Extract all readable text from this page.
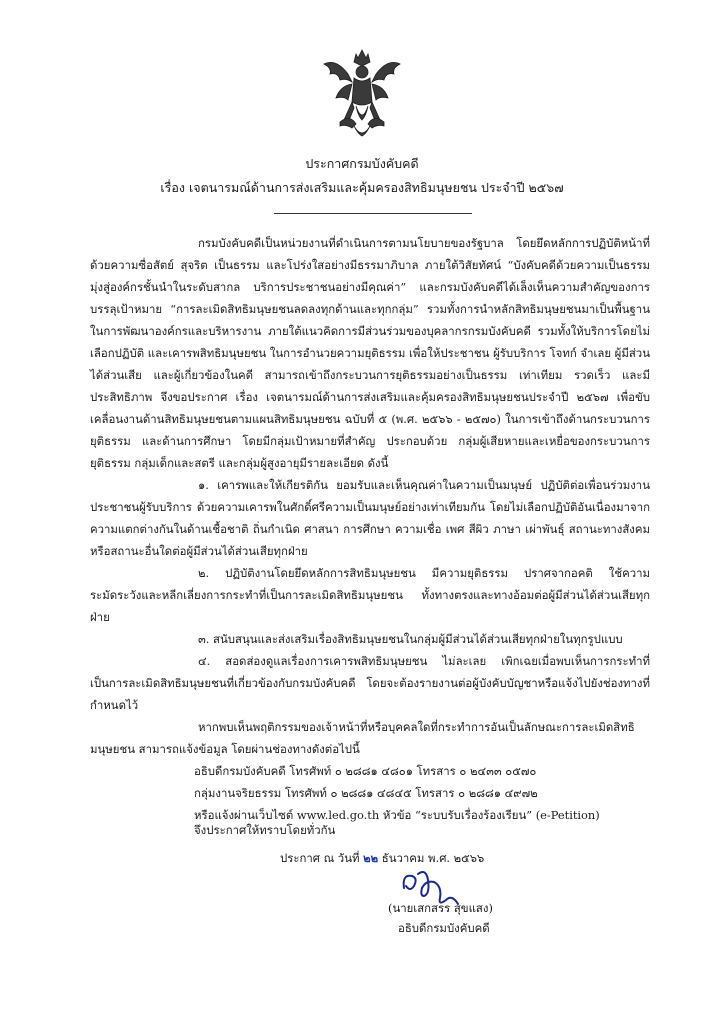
ประกาศกรมบังคับคดี
เรื่อง เจตนารมณ์ด้านการส่งเสริมและคุ้มครองสิทธิมนุษยชน ประจำปี ๒๕๖๗

กรมบังคับคดีเป็นหน่วยงานที่ดำเนินการตามนโยบายของรัฐบาล โดยยึดหลักการปฏิบัติหน้าที่ด้วยความซื่อสัตย์ สุจริต เป็นธรรม และโปร่งใสอย่างมีธรรมาภิบาล ภายใต้วิสัยทัศน์ “บังคับคดีด้วยความเป็นธรรม มุ่งสู่องค์กรชั้นนำในระดับสากล บริการประชาชนอย่างมีคุณค่า” และกรมบังคับคดีได้เล็งเห็นความสำคัญของการบรรลุเป้าหมาย “การละเมิดสิทธิมนุษยชนลดลงทุกด้านและทุกกลุ่ม” รวมทั้งการนำหลักสิทธิมนุษยชนมาเป็นพื้นฐานในการพัฒนาองค์กรและบริหารงาน ภายใต้แนวคิดการมีส่วนร่วมของบุคลากรกรมบังคับคดี รวมทั้งให้บริการโดยไม่เลือกปฏิบัติ และเคารพสิทธิมนุษยชน ในการอำนวยความยุติธรรม เพื่อให้ประชาชน ผู้รับบริการ โจทก์ จำเลย ผู้มีส่วนได้ส่วนเสีย และผู้เกี่ยวข้องในคดี สามารถเข้าถึงกระบวนการยุติธรรมอย่างเป็นธรรม เท่าเทียม รวดเร็ว และมีประสิทธิภาพ จึงขอประกาศ เรื่อง เจตนารมณ์ด้านการส่งเสริมและคุ้มครองสิทธิมนุษยชนประจำปี ๒๕๖๗ เพื่อขับเคลื่อนงานด้านสิทธิมนุษยชนตามแผนสิทธิมนุษยชน ฉบับที่ ๕ (พ.ศ. ๒๕๖๖ - ๒๕๗๐) ในการเข้าถึงด้านกระบวนการยุติธรรม และด้านการศึกษา โดยมีกลุ่มเป้าหมายที่สำคัญ ประกอบด้วย กลุ่มผู้เสียหายและเหยื่อของกระบวนการยุติธรรม กลุ่มเด็กและสตรี และกลุ่มผู้สูงอายุมีรายละเอียด ดังนี้

๑. เคารพและให้เกียรติกัน ยอมรับและเห็นคุณค่าในความเป็นมนุษย์ ปฏิบัติต่อเพื่อนร่วมงาน ประชาชนผู้รับบริการ ด้วยความเคารพในศักดิ์ศรีความเป็นมนุษย์อย่างเท่าเทียมกัน โดยไม่เลือกปฏิบัติอันเนื่องมาจากความแตกต่างกันในด้านเชื้อชาติ ถิ่นกำเนิด ศาสนา การศึกษา ความเชื่อ เพศ สีผิว ภาษา เผ่าพันธุ์ สถานะทางสังคม หรือสถานะอื่นใดต่อผู้มีส่วนได้ส่วนเสียทุกฝ่าย

๒. ปฏิบัติงานโดยยึดหลักการสิทธิมนุษยชน มีความยุติธรรม ปราศจากอคติ ใช้ความระมัดระวังและหลีกเลี่ยงการกระทำที่เป็นการละเมิดสิทธิมนุษยชน ทั้งทางตรงและทางอ้อมต่อผู้มีส่วนได้ส่วนเสียทุกฝ่าย

๓. สนับสนุนและส่งเสริมเรื่องสิทธิมนุษยชนในกลุ่มผู้มีส่วนได้ส่วนเสียทุกฝ่ายในทุกรูปแบบ

๔. สอดส่องดูแลเรื่องการเคารพสิทธิมนุษยชน ไม่ละเลย เพิกเฉยเมื่อพบเห็นการกระทำที่เป็นการละเมิดสิทธิมนุษยชนที่เกี่ยวข้องกับกรมบังคับคดี โดยจะต้องรายงานต่อผู้บังคับบัญชาหรือแจ้งไปยังช่องทางที่กำหนดไว้

หากพบเห็นพฤติกรรมของเจ้าหน้าที่หรือบุคคลใดที่กระทำการอันเป็นลักษณะการละเมิดสิทธิมนุษยชน สามารถแจ้งข้อมูล โดยผ่านช่องทางดังต่อไปนี้

อธิบดีกรมบังคับคดี โทรศัพท์ ๐ ๒๘๘๑ ๔๘๐๑ โทรสาร ๐ ๒๔๓๓ ๐๕๗๐

กลุ่มงานจริยธรรม โทรศัพท์ ๐ ๒๘๘๑ ๔๘๔๕ โทรสาร ๐ ๒๘๘๑ ๔๙๗๒

หรือแจ้งผ่านเว็บไซต์ www.led.go.th หัวข้อ “ระบบรับเรื่องร้องเรียน” (e-Petition)

จึงประกาศให้ทราบโดยทั่วกัน
ประกาศ ณ วันที่ ๒๒ ธันวาคม พ.ศ. ๒๕๖๖
(นายเสกสรร สุขแสง)
อธิบดีกรมบังคับคดี
